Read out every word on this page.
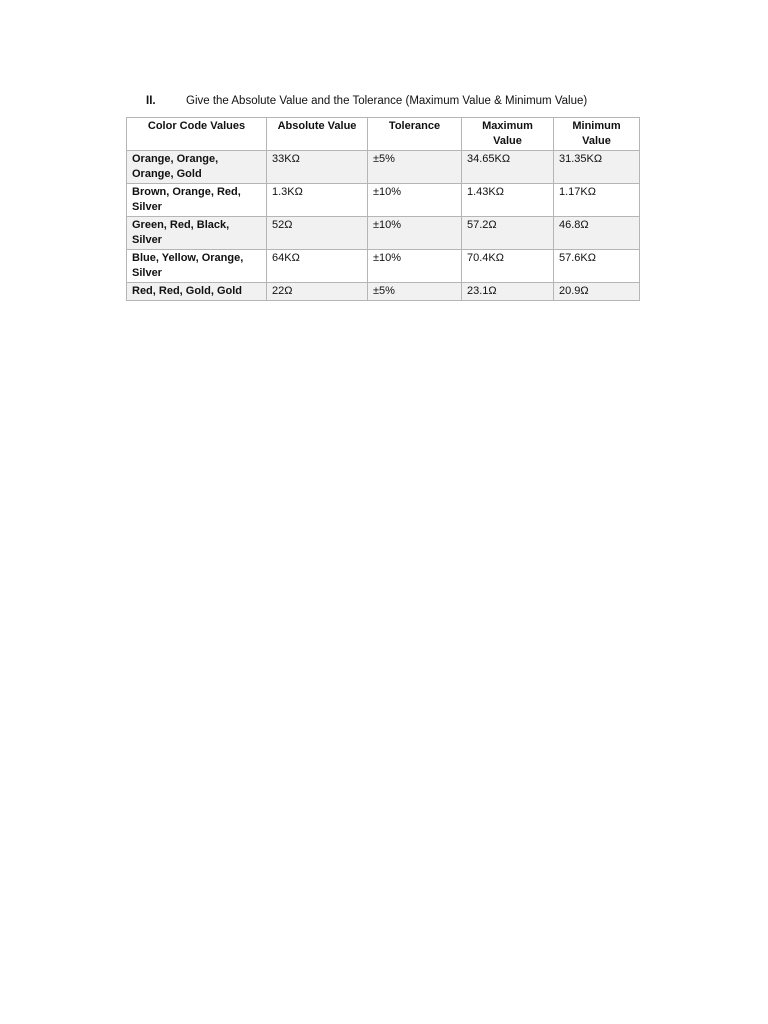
II.	Give the Absolute Value and the Tolerance (Maximum Value & Minimum Value)
Color Code Values	Absolute Value	Tolerance	Maximum Value	Minimum Value
Orange, Orange, Orange, Gold	33KΩ	±5%	34.65KΩ	31.35KΩ
Brown, Orange, Red, Silver	1.3KΩ	±10%	1.43KΩ	1.17KΩ
Green, Red, Black, Silver	52Ω	±10%	57.2Ω	46.8Ω
Blue, Yellow, Orange, Silver	64KΩ	±10%	70.4KΩ	57.6KΩ
Red, Red, Gold, Gold	22Ω	±5%	23.1Ω	20.9Ω
